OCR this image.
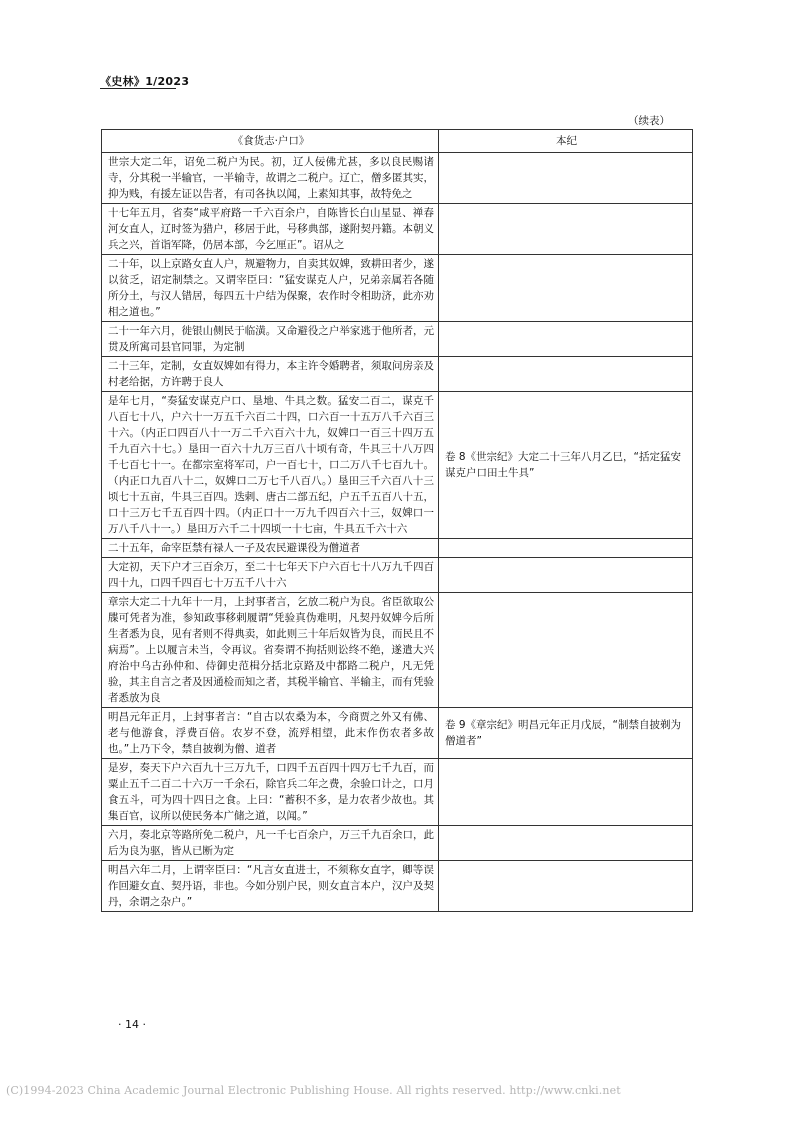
《史林》1/2023
（续表）
《食货志·户口》	本纪
世宗大定二年，诏免二税户为民。初，辽人佞佛尤甚，多以良民赐诸寺，分其税一半输官，一半输寺，故谓之二税户。辽亡，僧多匿其实，抑为贱，有援左证以告者，有司各执以闻，上素知其事，故特免之	
十七年五月，省奏“咸平府路一千六百余户，自陈皆长白山星显、禅春河女直人，辽时签为猎户，移居于此，号移典部，遂附契丹籍。本朝义兵之兴，首诣军降，仍居本部，今乞厘正”。诏从之	
二十年，以上京路女直人户，规避物力，自卖其奴婢，致耕田者少，遂以贫乏，诏定制禁之。又谓宰臣曰：“猛安谋克人户，兄弟亲属若各随所分土，与汉人错居，每四五十户结为保聚，农作时令相助济，此亦劝相之道也。”	
二十一年六月，徙银山侧民于临潢。又命避役之户举家逃于他所者，元贯及所寓司县官同罪，为定制	
二十三年，定制，女直奴婢如有得力，本主许令婚聘者，须取问房亲及村老给据，方许聘于良人	
是年七月，“奏猛安谋克户口、垦地、牛具之数。猛安二百二，谋克千八百七十八，户六十一万五千六百二十四，口六百一十五万八千六百三十六。（内正口四百八十一万二千六百六十九，奴婢口一百三十四万五千九百六十七。）垦田一百六十九万三百八十顷有奇，牛具三十八万四千七百七十一。在都宗室将军司，户一百七十，口二万八千七百九十。（内正口九百八十二，奴婢口二万七千八百八。）垦田三千六百八十三顷七十五亩，牛具三百四。迭剌、唐古二部五纪，户五千五百八十五，口十三万七千五百四十四。（内正口十一万九千四百六十三，奴婢口一万八千八十一。）垦田万六千二十四顷一十七亩，牛具五千六十六	卷 8《世宗纪》大定二十三年八月乙巳，“括定猛安谋克户口田土牛具”
二十五年，命宰臣禁有禄人一子及农民避课役为僧道者	
大定初，天下户才三百余万，至二十七年天下户六百七十八万九千四百四十九，口四千四百七十万五千八十六	
章宗大定二十九年十一月，上封事者言，乞放二税户为良。省臣欲取公牒可凭者为准，参知政事移剌履谓“凭验真伪难明，凡契丹奴婢今后所生者悉为良，见有者则不得典卖，如此则三十年后奴皆为良，而民且不病焉”。上以履言未当，令再议。省奏谓不拘括则讼终不绝，遂遣大兴府治中乌古孙仲和、侍御史范楫分括北京路及中都路二税户，凡无凭验，其主自言之者及因通检而知之者，其税半输官、半输主，而有凭验者悉放为良	
明昌元年正月，上封事者言：“自古以农桑为本，今商贾之外又有佛、老与他游食，浮费百倍。农岁不登，流殍相望，此末作伤农者多故也。”上乃下令，禁自披剃为僧、道者	卷 9《章宗纪》明昌元年正月戊辰，“制禁自披剃为僧道者”
是岁，奏天下户六百九十三万九千，口四千五百四十四万七千九百，而粟止五千二百二十六万一千余石，除官兵二年之费，余验口计之，口月食五斗，可为四十四日之食。上曰：“蓄积不多，是力农者少故也。其集百官，议所以使民务本广储之道，以闻。”	
六月，奏北京等路所免二税户，凡一千七百余户，万三千九百余口，此后为良为驱，皆从已断为定	
明昌六年二月，上谓宰臣曰：“凡言女直进士，不须称女直字，卿等误作回避女直、契丹语，非也。今如分别户民，则女直言本户，汉户及契丹，余谓之杂户。”	
· 14 ·
(C)1994-2023 China Academic Journal Electronic Publishing House. All rights reserved. http://www.cnki.net
